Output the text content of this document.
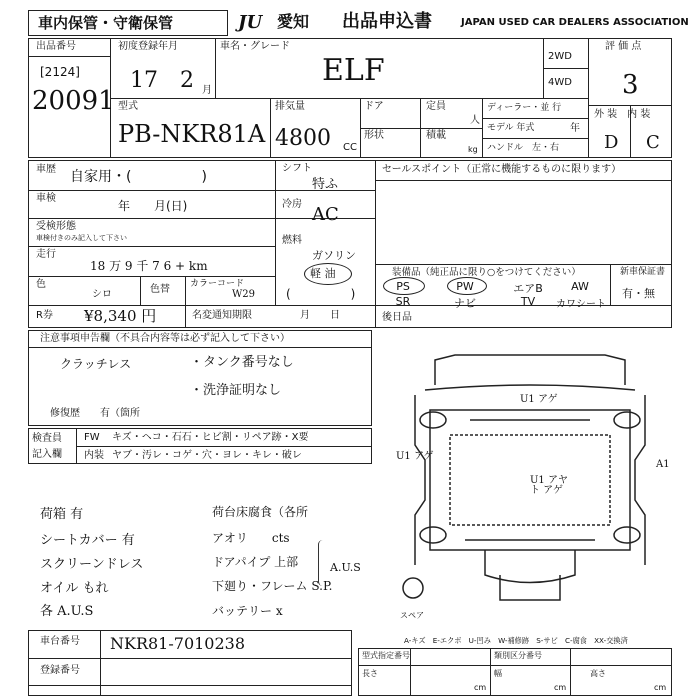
車内保管・守衛保管	JU 愛知 出品申込書	JAPAN USED CAR DEALERS ASSOCIATION
出品番号
[2124]
20091
初度登録年月
17 2 月
車名・グレード
ELF	2WD
4WD
評 価 点
3
型式
PB-NKR81A
排気量
4800 CC
ドア	定員
人
形状	積載
kg
ディーラー・並 行
モデル 年式	年
ハンドル　左・右
外 装　内 装
D C
車歴 自家用・(　　　　　)
車検
年　　月(日)
受検形態
車検付きのみ記入して下さい
走行
18 万 9 千 7 6 + km
色
シロ	色替 カラーコード
W29
シフト
特ふ
冷房 AC
燃料
ガソリン
軽 油
(　　　　　)
セールスポイント（正常に機能するものに限ります）
装備品（純正品に限り○をつけてください）
PS	PW	エアB	AW
SR	ナビ	TV	カワシート
新車保証書
有・無
R券 ¥8,340 円	名変通知期限	月　　日	後日品
注意事項申告欄（不具合内容等は必ず記入して下さい）
クラッチレス	・タンク番号なし
・洗浄証明なし
修復歴　　有（箇所
検査員
記入欄
FW キズ・ヘコ・石石・ヒビ割・リペア跡・X要
内装 ヤブ・汚レ・コゲ・穴・ヨレ・キレ・破レ
荷箱 有
シートカバー 有
スクリーンドレス
オイル もれ
各 A.U.S
荷台床腐食（各所
アオリ　　cts
ドアパイプ 上部
下廻り・フレーム S.P.
バッテリー x
A.U.S
U1 アゲ
U1 アゲ
U1 アヤト アゲ
A1
スペア
A-キズ　E-エクボ　U-凹み　W-補修跡　S-サビ　C-腐食　XX-交換済
車台番号 NKR81-7010238
登録番号
型式指定番号	類別区分番号
長さ	幅	高さ
cm	cm	cm
